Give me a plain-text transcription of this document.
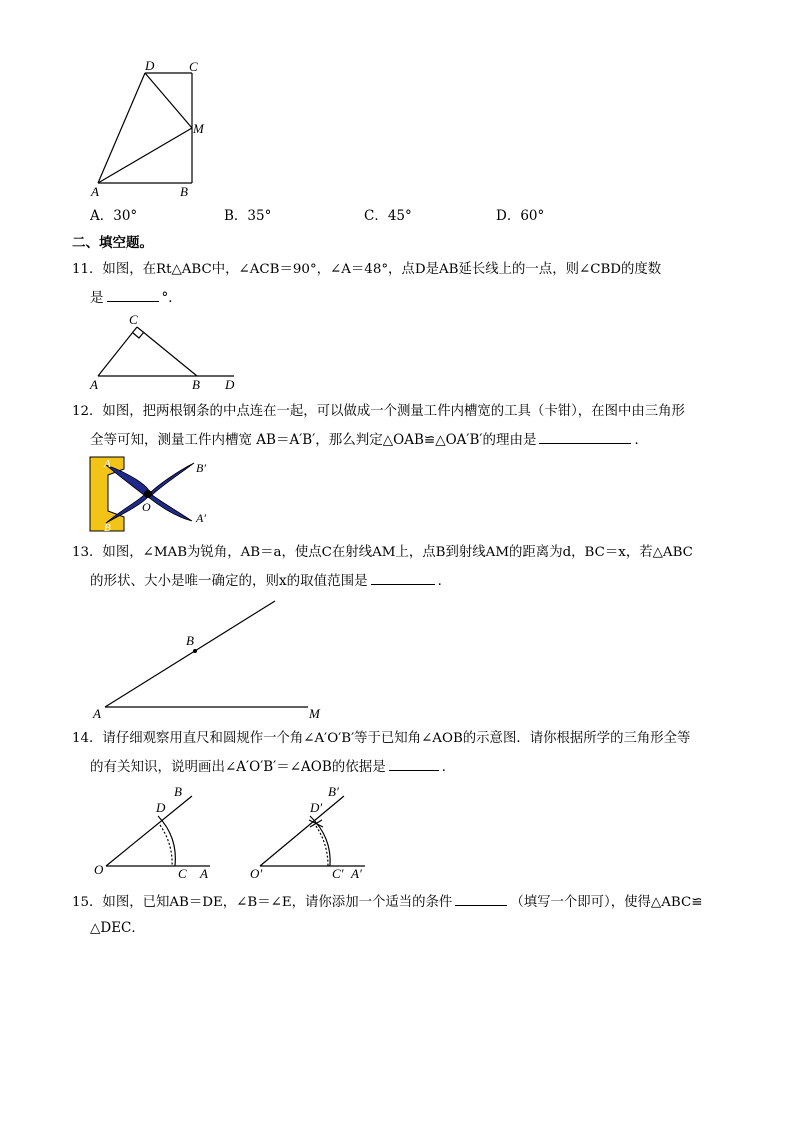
D	C
M
A	B
A．30°	B．35°	C．45°	D．60°
二、填空题。
11．如图，在Rt△ABC中，∠ACB＝90°，∠A＝48°，点D是AB延长线上的一点，则∠CBD的度数
是	°．
C
A	B D
12．如图，把两根钢条的中点连在一起，可以做成一个测量工件内槽宽的工具（卡钳），在图中由三角形
全等可知，测量工件内槽宽 AB＝A′B′，那么判定△OAB≌△OA′B′的理由是	．
A	B′
O
A′
B
13．如图，∠MAB为锐角，AB＝a，使点C在射线AM上，点B到射线AM的距离为d，BC＝x，若△ABC
的形状、大小是唯一确定的，则x的取值范围是	．
B
A	M
14．请仔细观察用直尺和圆规作一个角∠A′O′B′等于已知角∠AOB的示意图．请你根据所学的三角形全等
的有关知识，说明画出∠A′O′B′＝∠AOB的依据是	．
B
D
O	C A
B′
D′
O′	C′ A′
15．如图，已知AB＝DE，∠B＝∠E，请你添加一个适当的条件	（填写一个即可），使得△ABC≌
△DEC．
